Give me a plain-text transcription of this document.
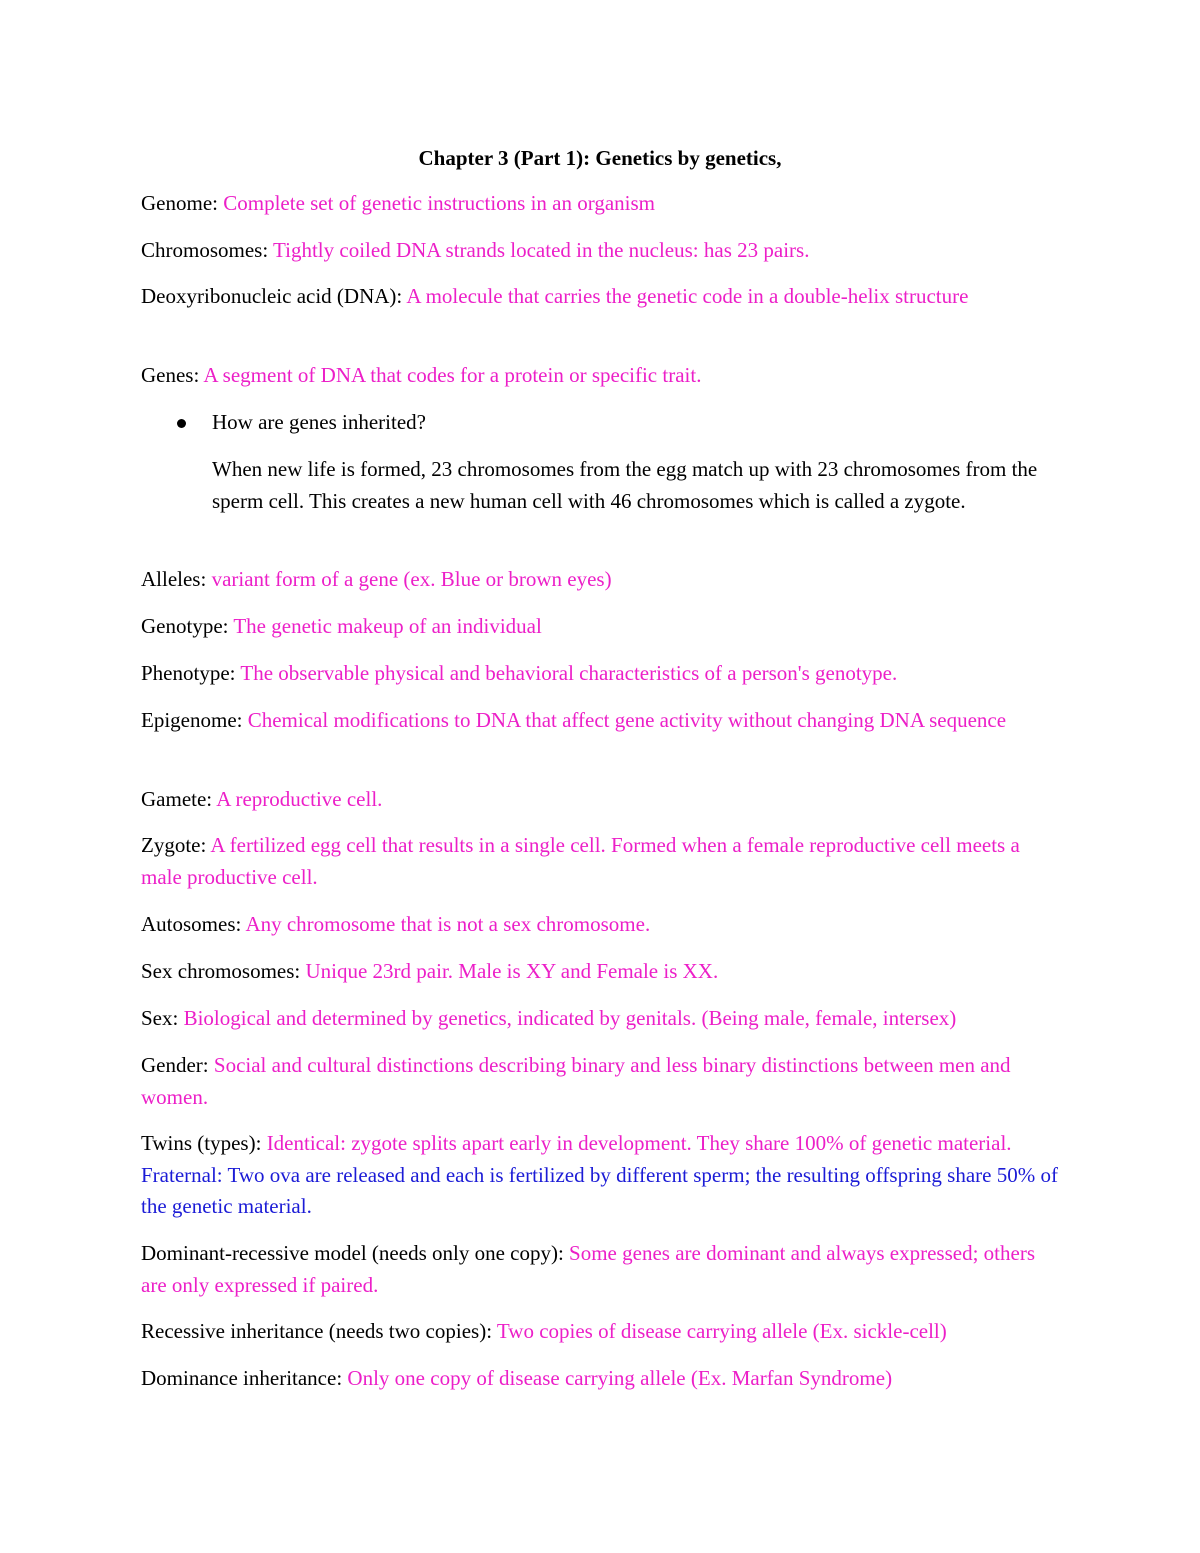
Chapter 3 (Part 1): Genetics by genetics,

Genome: Complete set of genetic instructions in an organism

Chromosomes: Tightly coiled DNA strands located in the nucleus: has 23 pairs.

Deoxyribonucleic acid (DNA): A molecule that carries the genetic code in a double-helix structure

Genes: A segment of DNA that codes for a protein or specific trait.

How are genes inherited?

When new life is formed, 23 chromosomes from the egg match up with 23 chromosomes from the sperm cell. This creates a new human cell with 46 chromosomes which is called a zygote.

Alleles: variant form of a gene (ex. Blue or brown eyes)

Genotype: The genetic makeup of an individual

Phenotype: The observable physical and behavioral characteristics of a person's genotype.

Epigenome: Chemical modifications to DNA that affect gene activity without changing DNA sequence

Gamete: A reproductive cell.

Zygote: A fertilized egg cell that results in a single cell. Formed when a female reproductive cell meets a male productive cell.

Autosomes: Any chromosome that is not a sex chromosome.

Sex chromosomes: Unique 23rd pair. Male is XY and Female is XX.

Sex: Biological and determined by genetics, indicated by genitals. (Being male, female, intersex)

Gender: Social and cultural distinctions describing binary and less binary distinctions between men and women.

Twins (types): Identical: zygote splits apart early in development. They share 100% of genetic material. Fraternal: Two ova are released and each is fertilized by different sperm; the resulting offspring share 50% of the genetic material.

Dominant-recessive model (needs only one copy): Some genes are dominant and always expressed; others are only expressed if paired.

Recessive inheritance (needs two copies): Two copies of disease carrying allele (Ex. sickle-cell)

Dominance inheritance: Only one copy of disease carrying allele (Ex. Marfan Syndrome)
